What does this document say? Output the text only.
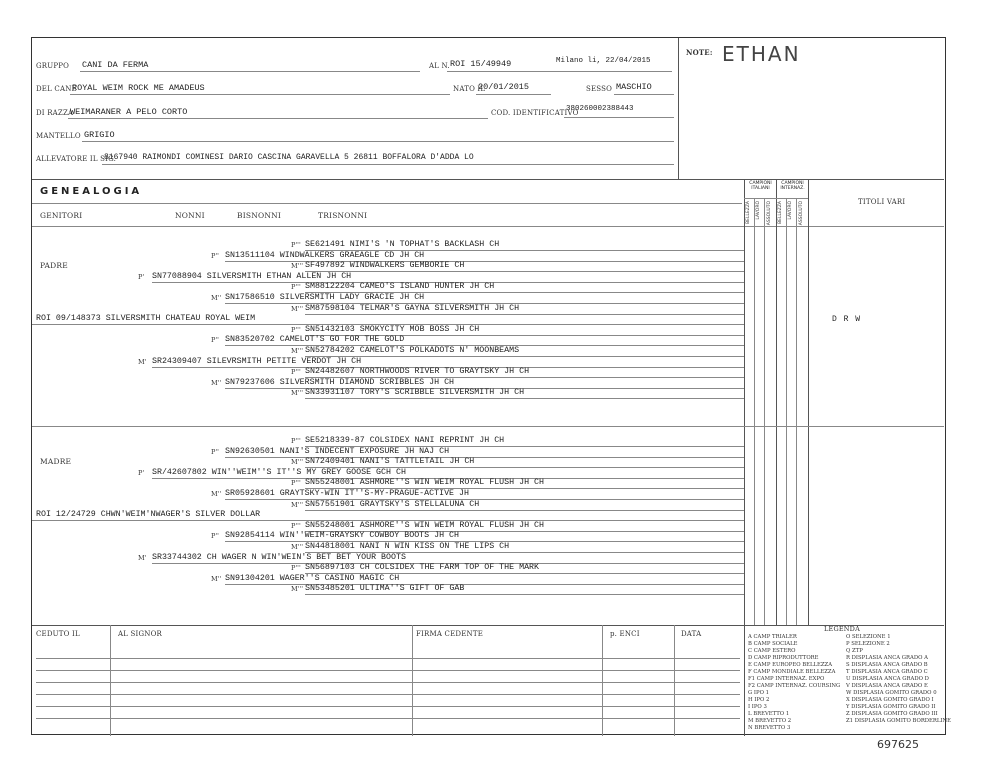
GRUPPO CANI DA FERMA	AL N. ROI 15/49949	Milano li, 22/04/2015
DEL CANE
ROYAL WEIM ROCK ME AMADEUS	NATO IL
20/01/2015	SESSO MASCHIO
DI RAZZA
WEIMARANER A PELO CORTO	COD. IDENTIFICATIVO
380260002388443
MANTELLO GRIGIO
ALLEVATORE IL SIG.
8167940 RAIMONDI COMINESI DARIO CASCINA GARAVELLA 5 26811 BOFFALORA D'ADDA LO
NOTE: ETHAN
GENEALOGIA
GENITORI	NONNI	BISNONNI	TRISNONNI
CAMPIONI ITALIANI
CAMPIONI INTERNAZ.
TITOLI VARI
BELLEZZA LAVORO ASSOLUTO BELLEZZA LAVORO ASSOLUTO
D R W
PADRE
P''' SE621491 NIMI'S 'N TOPHAT'S BACKLASH CH
P'' SN13511104 WINDWALKERS GRAEAGLE CD JH CH
M''' SF497892 WINDWALKERS GEMBORIE CH
P' SN77088904 SILVERSMITH ETHAN ALLEN JH CH
P''' SM88122204 CAMEO'S ISLAND HUNTER JH CH
M'' SN17586510 SILVERSMITH LADY GRACIE JH CH
M''' SM87598104 TELMAR'S GAYNA SILVERSMITH JH CH
ROI 09/148373 SILVERSMITH CHATEAU ROYAL WEIM
P''' SN51432103 SMOKYCITY MOB BOSS JH CH
P'' SN83520702 CAMELOT'S GO FOR THE GOLD
M''' SN52784202 CAMELOT'S POLKADOTS N' MOONBEAMS
M' SR24309407 SILEVRSMITH PETITE VERDOT JH CH
P''' SN24482607 NORTHWOODS RIVER TO GRAYTSKY JH CH
M'' SN79237606 SILVERSMITH DIAMOND SCRIBBLES JH CH
M''' SN33931107 TORY'S SCRIBBLE SILVERSMITH JH CH
MADRE
P''' SE5218339-87 COLSIDEX NANI REPRINT JH CH
P'' SN92630501 NANI'S INDECENT EXPOSURE JH NAJ CH
M''' SN72409401 NANI'S TATTLETAIL JH CH
P' SR/42607802 WIN''WEIM''S IT''S MY GREY GOOSE GCH CH
P''' SN55248001 ASHMORE''S WIN WEIM ROYAL FLUSH JH CH
M'' SR05928601 GRAYTSKY-WIN IT''S-MY-PRAGUE-ACTIVE JH
M''' SN57551901 GRAYTSKY'S STELLALUNA CH
ROI 12/24729 CHWN'WEIM'NWAGER'S SILVER DOLLAR
P''' SN55248001 ASHMORE''S WIN WEIM ROYAL FLUSH JH CH
P'' SN92854114 WIN''WEIM-GRAYSKY COWBOY BOOTS JH CH
M''' SN44818001 NANI N WIN KISS ON THE LIPS CH
M' SR33744302 CH WAGER N WIN'WEIN'S BET BET YOUR BOOTS
P''' SN56897103 CH COLSIDEX THE FARM TOP OF THE MARK
M'' SN91304201 WAGER''S CASINO MAGIC CH
M''' SN53485201 ULTIMA''S GIFT OF GAB
CEDUTO IL	AL SIGNOR	FIRMA CEDENTE	p. ENCI	DATA
LEGENDA
A CAMP TRIALER
B CAMP SOCIALE
C CAMP ESTERO
D CAMP RIPRODUTTORE
E CAMP EUROPEO BELLEZZA
F CAMP MONDIALE BELLEZZA
F1 CAMP INTERNAZ. EXPO
F2 CAMP INTERNAZ. COURSING
G IPO 1
H IPO 2
I IPO 3
L BREVETTO 1
M BREVETTO 2
N BREVETTO 3
O SELEZIONE 1
P SELEZIONE 2
Q ZTP
R DISPLASIA ANCA GRADO A
S DISPLASIA ANCA GRADO B
T DISPLASIA ANCA GRADO C
U DISPLASIA ANCA GRADO D
V DISPLASIA ANCA GRADO E
W DISPLASIA GOMITO GRADO 0
X DISPLASIA GOMITO GRADO I
Y DISPLASIA GOMITO GRADO II
Z DISPLASIA GOMITO GRADO III
Z1 DISPLASIA GOMITO BORDERLINE
697625
